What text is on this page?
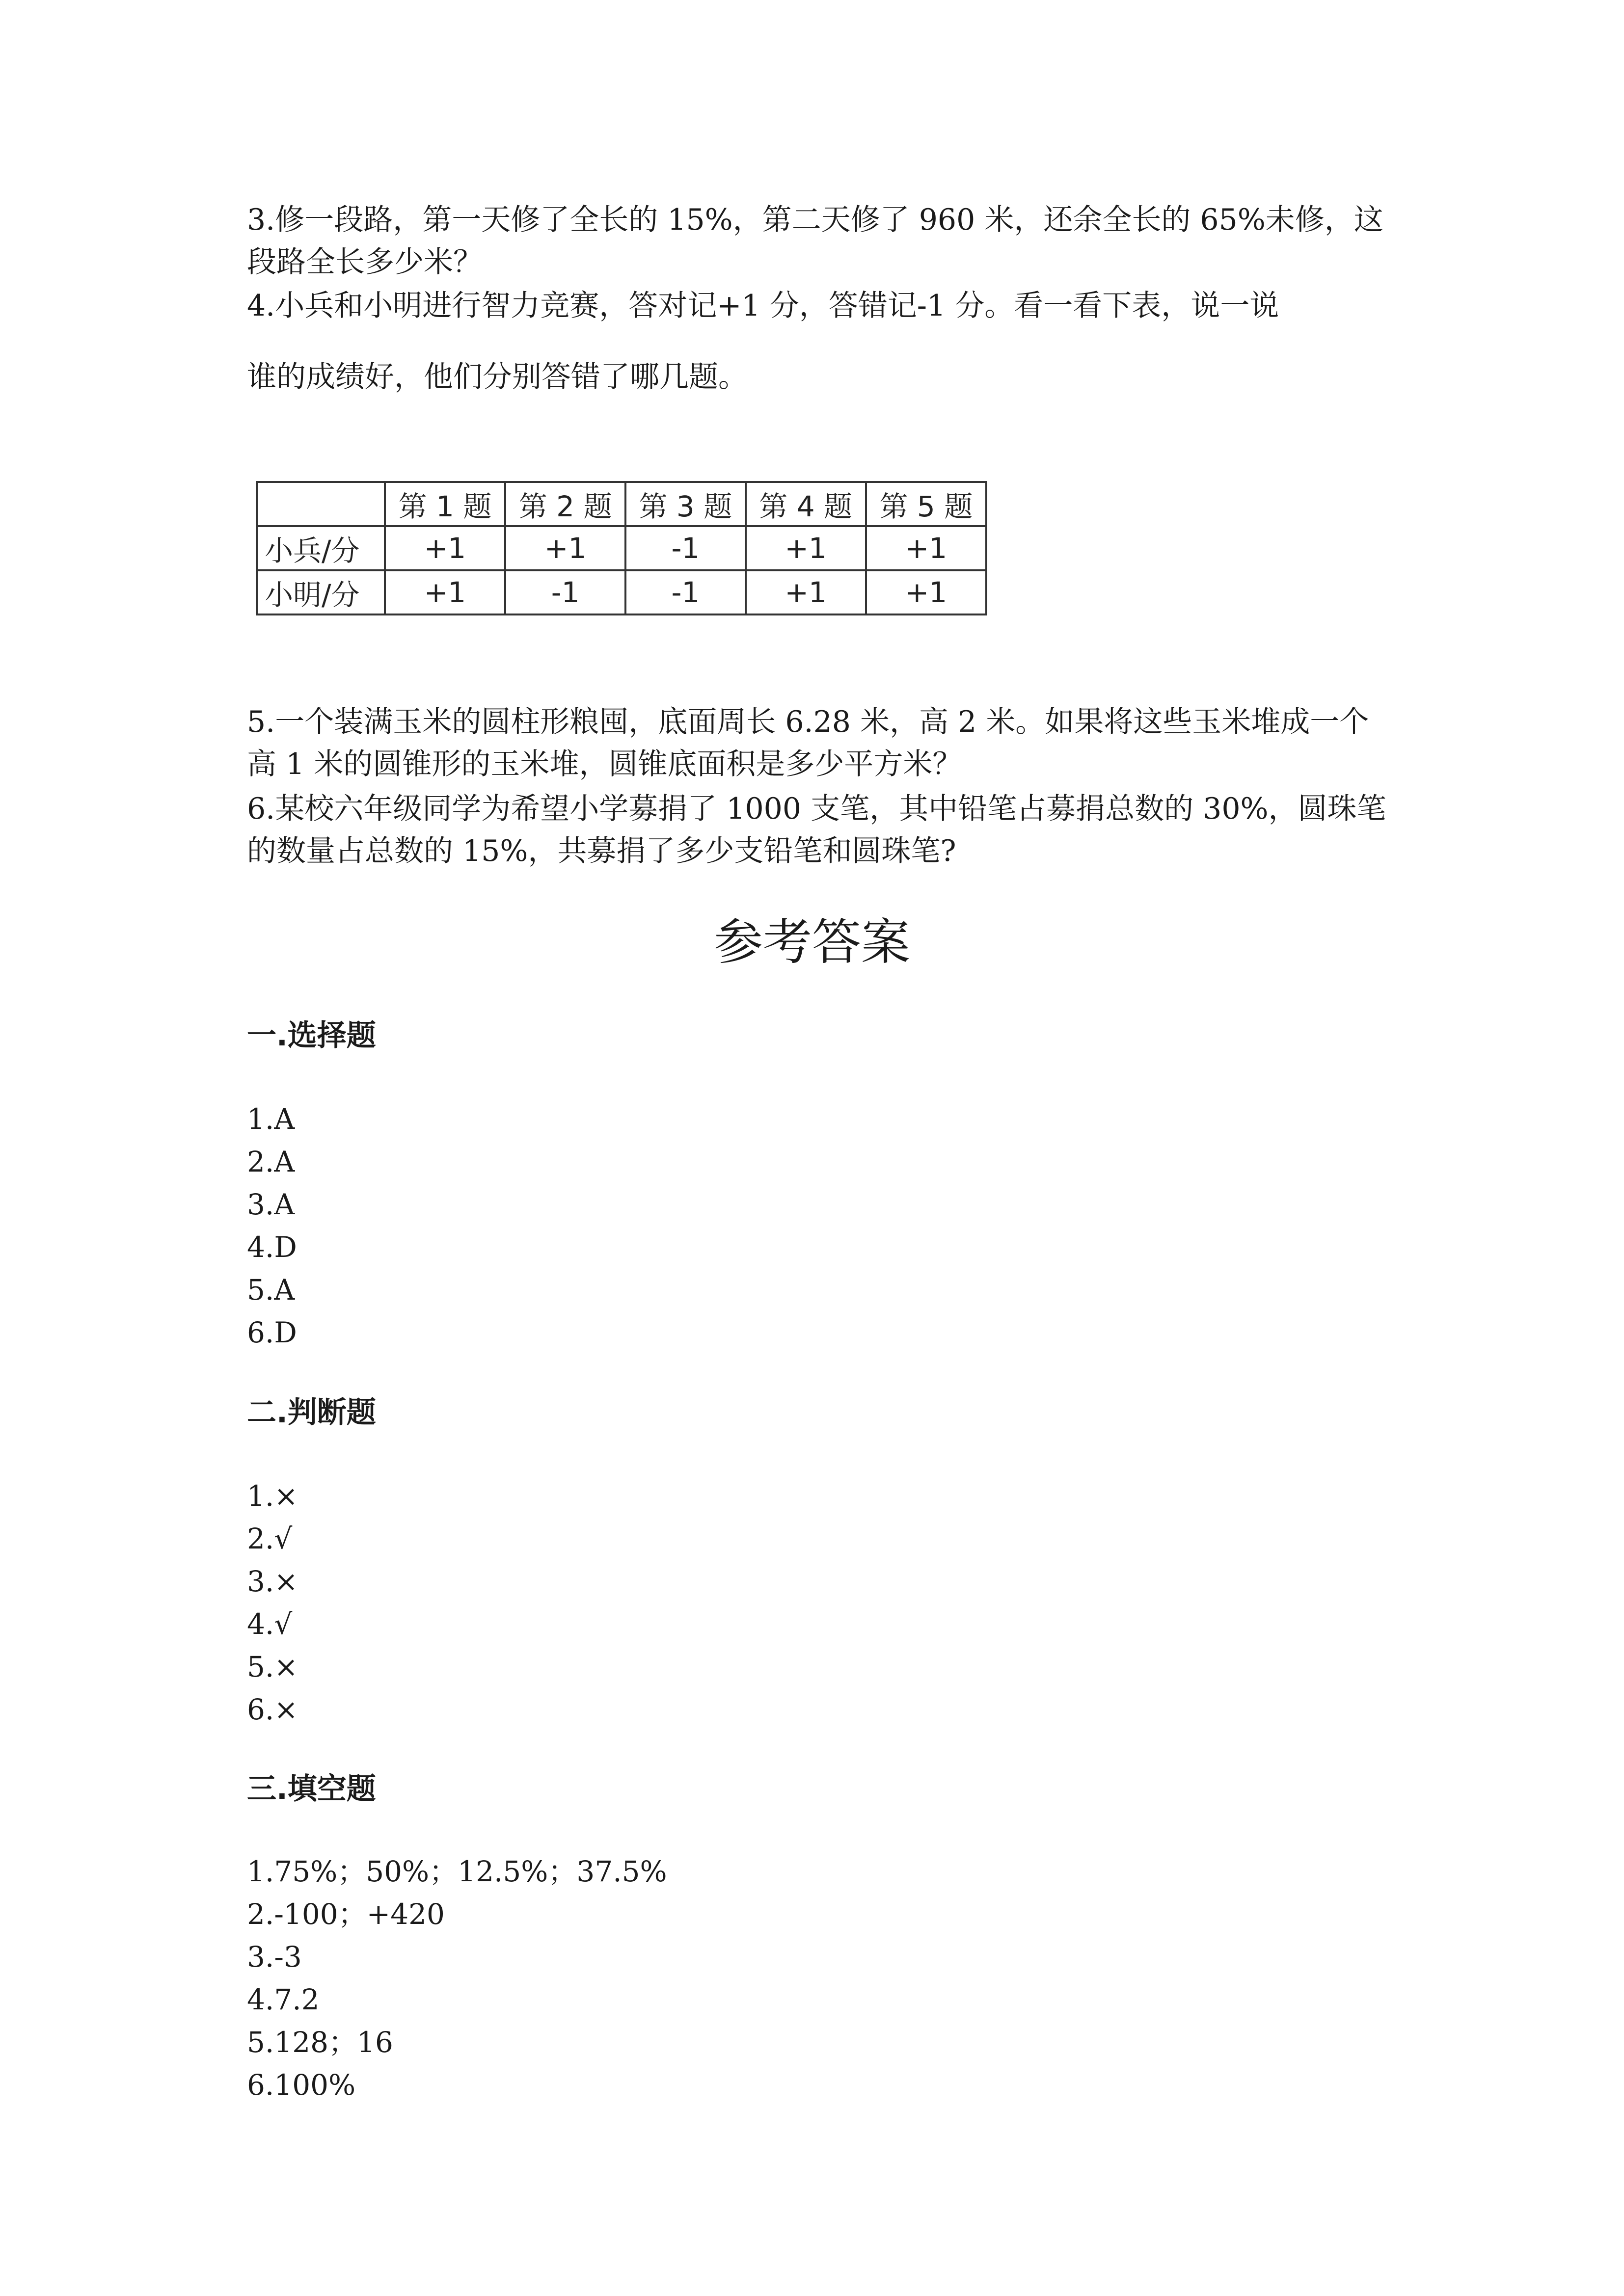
3.修一段路，第一天修了全长的 15%，第二天修了 960 米，还余全长的 65%未修，这段路全长多少米？

4.小兵和小明进行智力竞赛，答对记+1 分，答错记-1 分。看一看下表，说一说

谁的成绩好，他们分别答错了哪几题。

	第 1 题	第 2 题	第 3 题	第 4 题	第 5 题
小兵/分	+1	+1	-1	+1	+1
小明/分	+1	-1	-1	+1	+1

5.一个装满玉米的圆柱形粮囤，底面周长 6.28 米，高 2 米。如果将这些玉米堆成一个高 1 米的圆锥形的玉米堆，圆锥底面积是多少平方米？

6.某校六年级同学为希望小学募捐了 1000 支笔，其中铅笔占募捐总数的 30%，圆珠笔的数量占总数的 15%，共募捐了多少支铅笔和圆珠笔?

参考答案
一.选择题
1.A
2.A
3.A
4.D
5.A
6.D
二.判断题
1.×
2.√
3.×
4.√
5.×
6.×
三.填空题
1.75%；50%；12.5%；37.5%
2.-100；+420
3.-3
4.7.2
5.128；16
6.100%
